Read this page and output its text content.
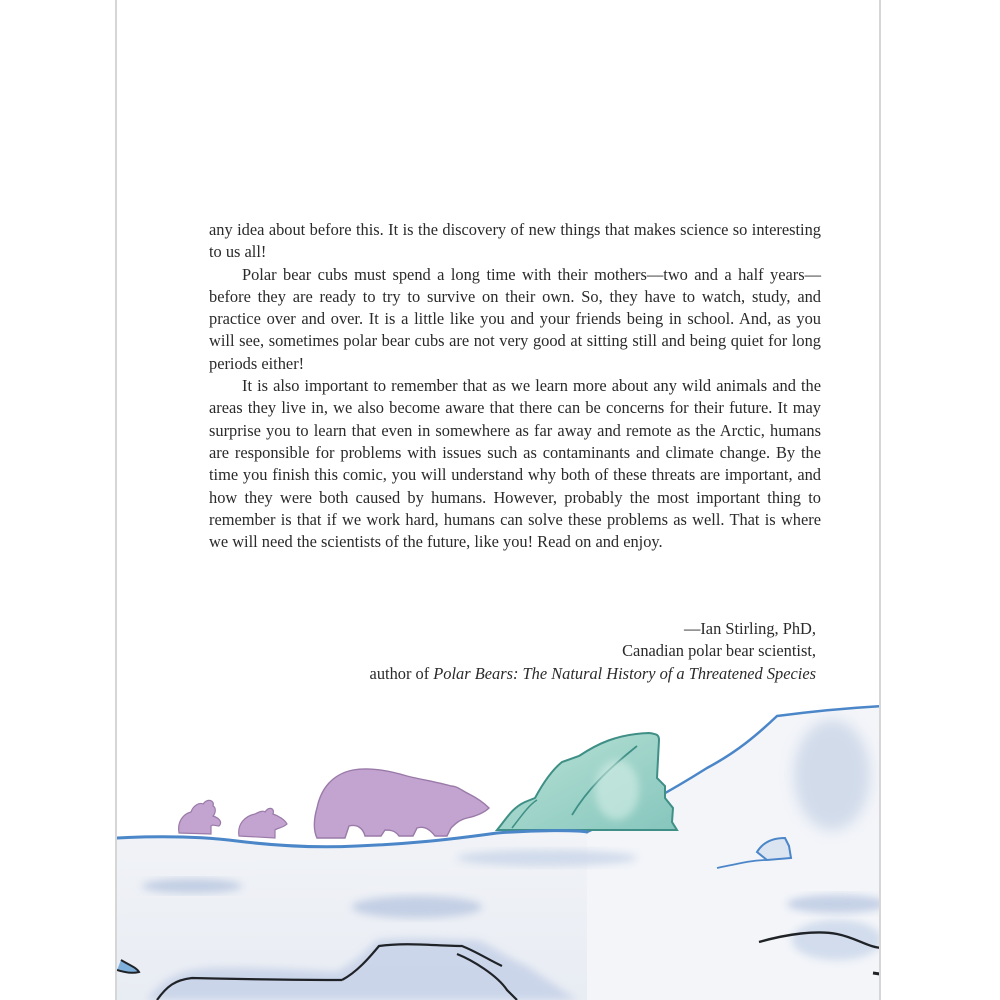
any idea about before this. It is the discovery of new things that makes science so interesting to us all!

Polar bear cubs must spend a long time with their mothers—two and a half years—before they are ready to try to survive on their own. So, they have to watch, study, and practice over and over. It is a little like you and your friends being in school. And, as you will see, sometimes polar bear cubs are not very good at sitting still and being quiet for long periods either!

It is also important to remember that as we learn more about any wild animals and the areas they live in, we also become aware that there can be concerns for their future. It may surprise you to learn that even in somewhere as far away and remote as the Arctic, humans are responsible for problems with issues such as contaminants and climate change. By the time you finish this comic, you will understand why both of these threats are important, and how they were both caused by humans. However, probably the most important thing to remember is that if we work hard, humans can solve these problems as well. That is where we will need the scientists of the future, like you! Read on and enjoy.

—Ian Stirling, PhD,
Canadian polar bear scientist,
author of Polar Bears: The Natural History of a Threatened Species
